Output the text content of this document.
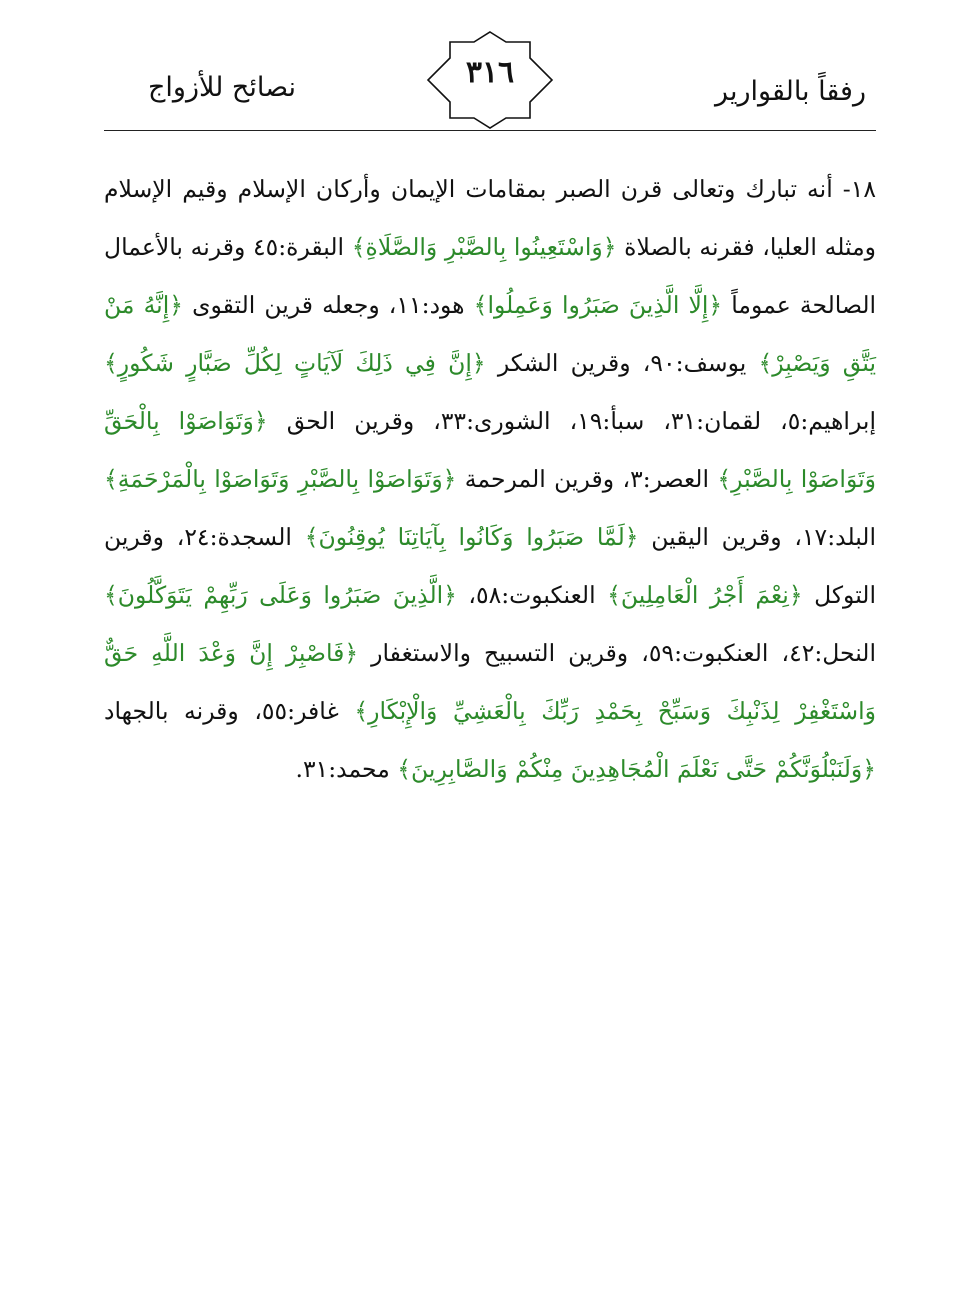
رفقاً بالقوارير
٣١٦
نصائح للأزواج

١٨- أنه تبارك وتعالى قرن الصبر بمقامات الإيمان وأركان الإسلام وقيم الإسلام ومثله العليا، فقرنه بالصلاة ﴿وَاسْتَعِينُوا بِالصَّبْرِ وَالصَّلَاةِ﴾ البقرة:٤٥ وقرنه بالأعمال الصالحة عموماً ﴿إِلَّا الَّذِينَ صَبَرُوا وَعَمِلُوا﴾ هود:١١، وجعله قرين التقوى ﴿إِنَّهُ مَنْ يَتَّقِ وَيَصْبِرْ﴾ يوسف:٩٠، وقرين الشكر ﴿إِنَّ فِي ذَلِكَ لَآيَاتٍ لِكُلِّ صَبَّارٍ شَكُورٍ﴾ إبراهيم:٥، لقمان:٣١، سبأ:١٩، الشورى:٣٣، وقرين الحق ﴿وَتَوَاصَوْا بِالْحَقِّ وَتَوَاصَوْا بِالصَّبْرِ﴾ العصر:٣، وقرين المرحمة ﴿وَتَوَاصَوْا بِالصَّبْرِ وَتَوَاصَوْا بِالْمَرْحَمَةِ﴾ البلد:١٧، وقرين اليقين ﴿لَمَّا صَبَرُوا وَكَانُوا بِآيَاتِنَا يُوقِنُونَ﴾ السجدة:٢٤، وقرين التوكل ﴿نِعْمَ أَجْرُ الْعَامِلِينَ﴾ العنكبوت:٥٨، ﴿الَّذِينَ صَبَرُوا وَعَلَى رَبِّهِمْ يَتَوَكَّلُونَ﴾ النحل:٤٢، العنكبوت:٥٩، وقرين التسبيح والاستغفار ﴿فَاصْبِرْ إِنَّ وَعْدَ اللَّهِ حَقٌّ وَاسْتَغْفِرْ لِذَنْبِكَ وَسَبِّحْ بِحَمْدِ رَبِّكَ بِالْعَشِيِّ وَالْإِبْكَارِ﴾ غافر:٥٥، وقرنه بالجهاد ﴿وَلَنَبْلُوَنَّكُمْ حَتَّى نَعْلَمَ الْمُجَاهِدِينَ مِنْكُمْ وَالصَّابِرِينَ﴾ محمد:٣١.
